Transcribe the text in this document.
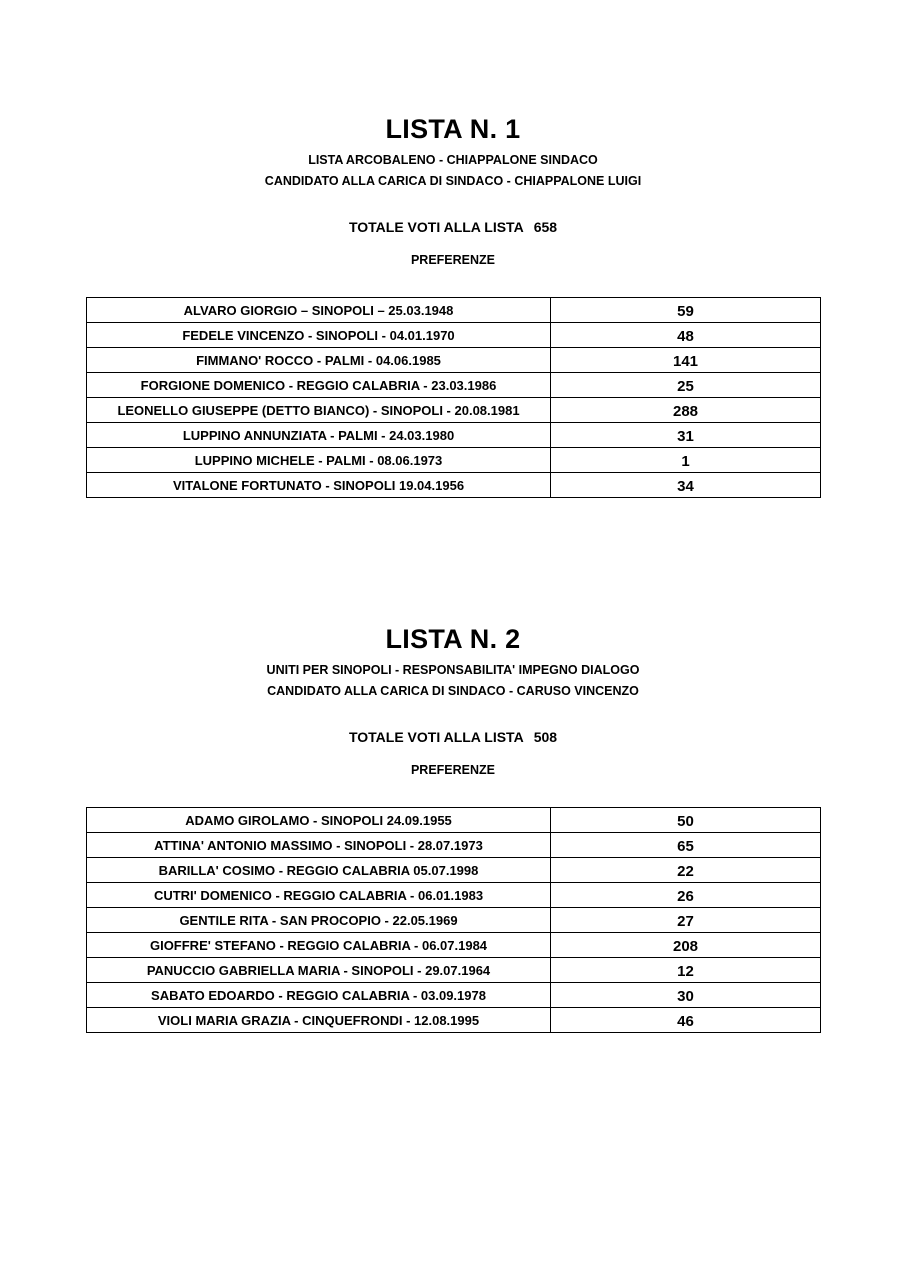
LISTA N. 1

LISTA ARCOBALENO - CHIAPPALONE SINDACO

CANDIDATO ALLA CARICA DI SINDACO - CHIAPPALONE LUIGI

TOTALE VOTI ALLA LISTA 658
PREFERENZE
ALVARO GIORGIO – SINOPOLI – 25.03.1948	59
FEDELE VINCENZO - SINOPOLI - 04.01.1970	48
FIMMANO' ROCCO - PALMI - 04.06.1985	141
FORGIONE DOMENICO - REGGIO CALABRIA - 23.03.1986	25
LEONELLO GIUSEPPE (DETTO BIANCO) - SINOPOLI - 20.08.1981	288
LUPPINO ANNUNZIATA - PALMI - 24.03.1980	31
LUPPINO MICHELE - PALMI - 08.06.1973	1
VITALONE FORTUNATO - SINOPOLI 19.04.1956	34
LISTA N. 2

UNITI PER SINOPOLI - RESPONSABILITA' IMPEGNO DIALOGO

CANDIDATO ALLA CARICA DI SINDACO - CARUSO VINCENZO

TOTALE VOTI ALLA LISTA 508
PREFERENZE
ADAMO GIROLAMO - SINOPOLI 24.09.1955	50
ATTINA' ANTONIO MASSIMO - SINOPOLI - 28.07.1973	65
BARILLA' COSIMO - REGGIO CALABRIA 05.07.1998	22
CUTRI' DOMENICO - REGGIO CALABRIA - 06.01.1983	26
GENTILE RITA - SAN PROCOPIO - 22.05.1969	27
GIOFFRE' STEFANO - REGGIO CALABRIA - 06.07.1984	208
PANUCCIO GABRIELLA MARIA - SINOPOLI - 29.07.1964	12
SABATO EDOARDO - REGGIO CALABRIA - 03.09.1978	30
VIOLI MARIA GRAZIA - CINQUEFRONDI - 12.08.1995	46
